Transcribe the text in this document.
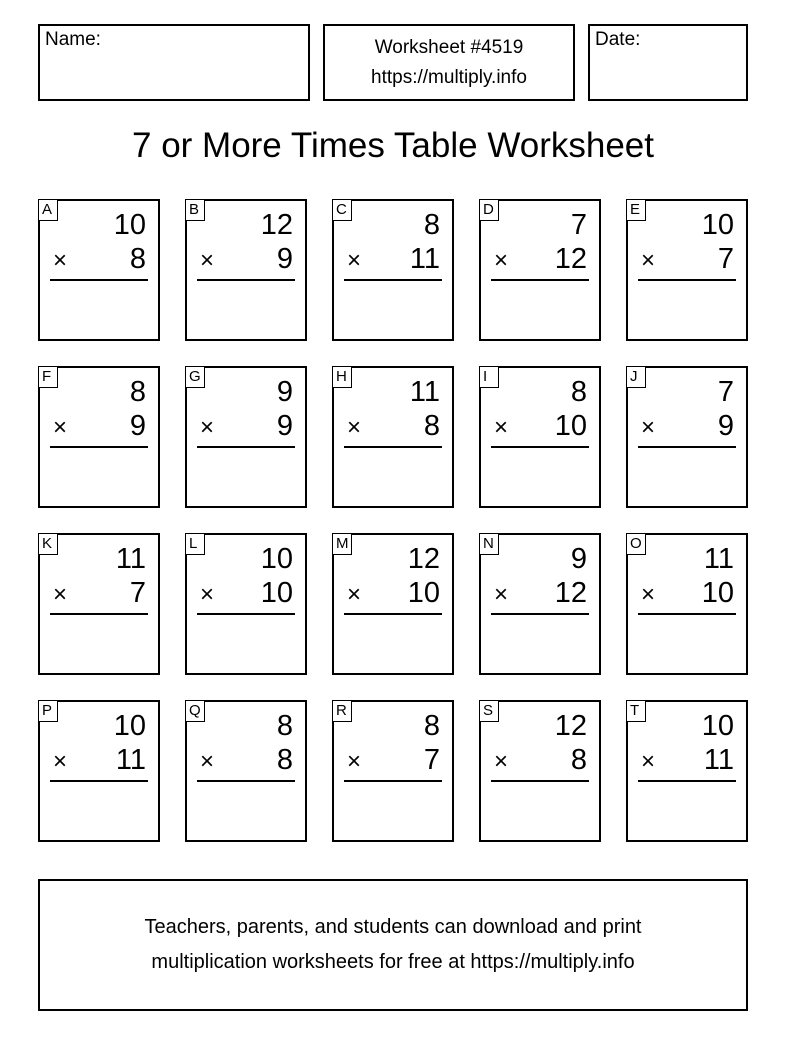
Name:	Worksheet #4519
https://multiply.info
Date:
7 or More Times Table Worksheet
A 10
× 8
B 12
× 9
C	8
× 11
D	7
× 12
E 10
× 7
F	8
× 9
G	9
× 9
H 11
× 8
I	8
× 10
J	7
× 9
K 11
× 7
L 10
× 10
M 12
× 10
N	9
× 12
O 11
× 10
P 10
× 11
Q	8
× 8
R	8
× 7
S 12
× 8
T 10
× 11
Teachers, parents, and students can download and print
multiplication worksheets for free at https://multiply.info
